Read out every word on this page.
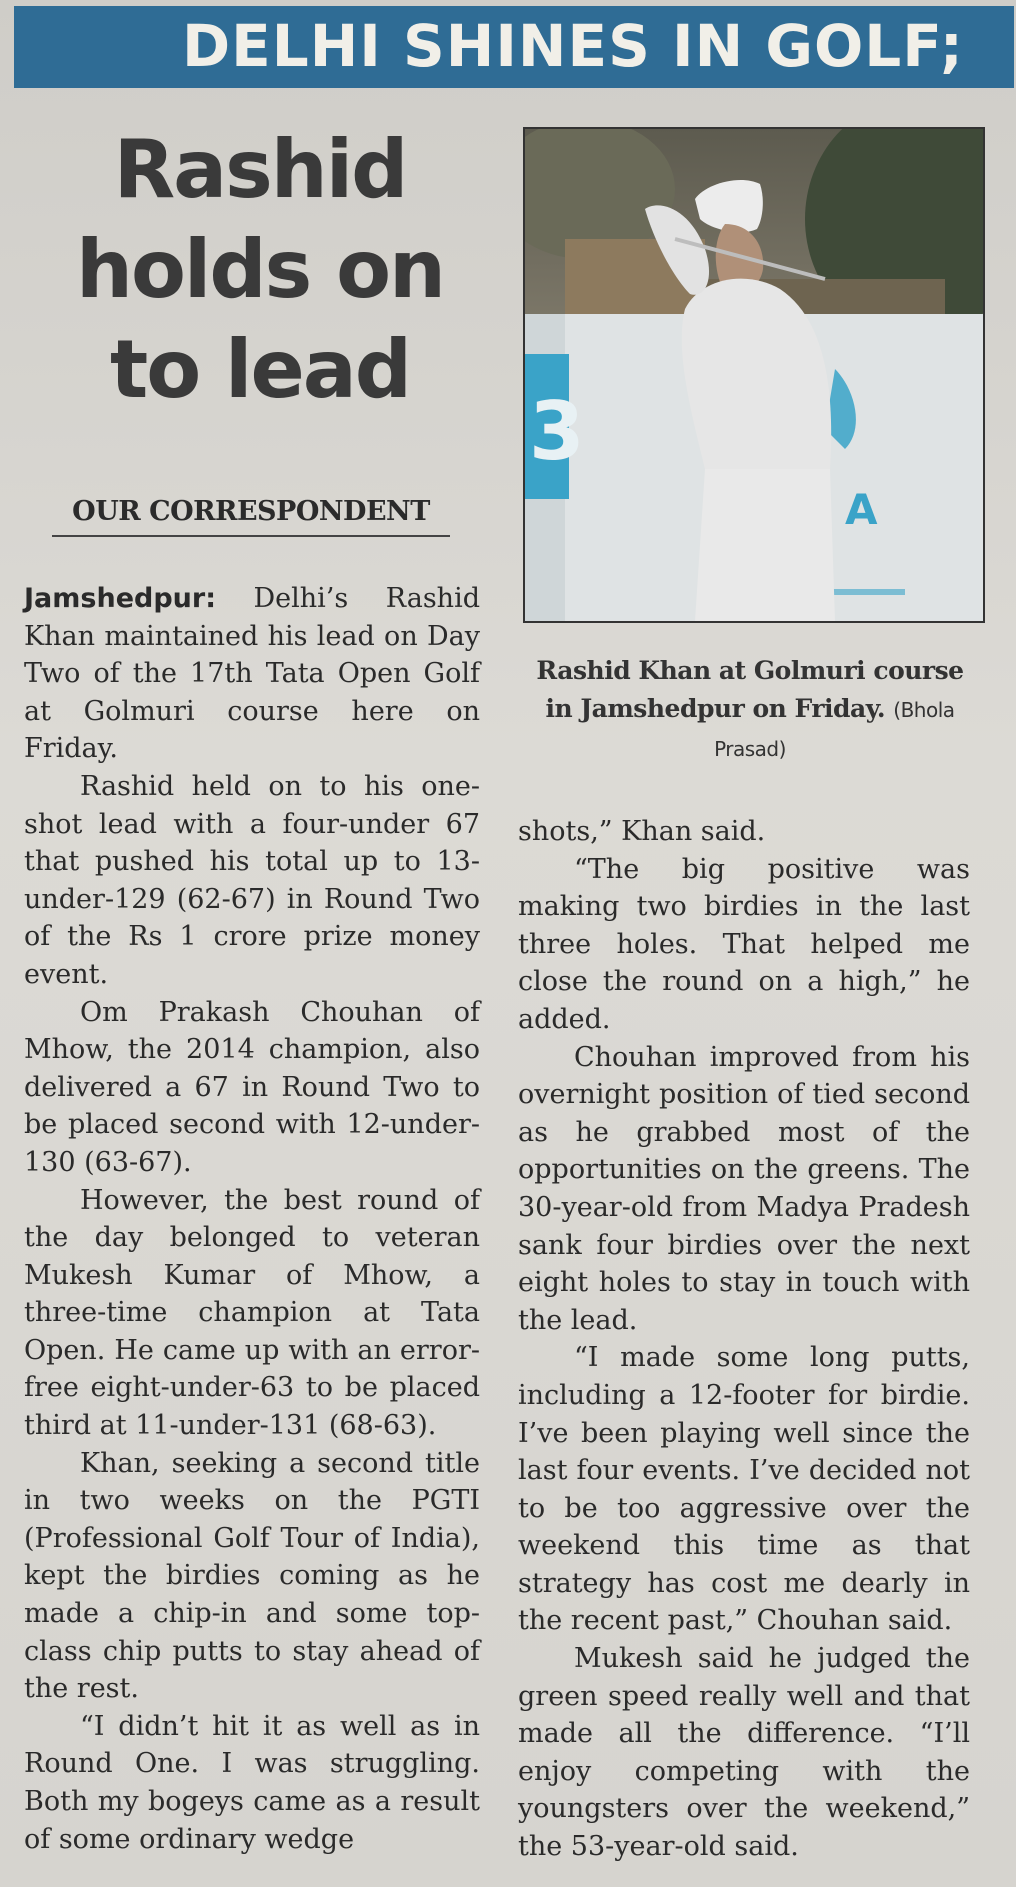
DELHI SHINES IN GOLF;
Rashid
holds on
to lead
OUR CORRESPONDENT
3
A
Rashid Khan at Golmuri course in Jamshedpur on Friday. (Bhola Prasad)

Jamshedpur: Delhi’s Rashid Khan maintained his lead on Day Two of the 17th Tata Open Golf at Golmuri course here on Friday.

Rashid held on to his one-shot lead with a four-under 67 that pushed his total up to 13-under-129 (62-67) in Round Two of the Rs 1 crore prize money event.

Om Prakash Chouhan of Mhow, the 2014 champion, also delivered a 67 in Round Two to be placed second with 12-under-130 (63-67).

However, the best round of the day belonged to veteran Mukesh Kumar of Mhow, a three-time champion at Tata Open. He came up with an error-free eight-under-63 to be placed third at 11-under-131 (68-63).

Khan, seeking a second title in two weeks on the PGTI (Professional Golf Tour of India), kept the birdies coming as he made a chip-in and some top-class chip putts to stay ahead of the rest.

“I didn’t hit it as well as in Round One. I was struggling. Both my bogeys came as a result of some ordinary wedge

shots,” Khan said.

“The big positive was making two birdies in the last three holes. That helped me close the round on a high,” he added.

Chouhan improved from his overnight position of tied second as he grabbed most of the opportunities on the greens. The 30-year-old from Madya Pradesh sank four birdies over the next eight holes to stay in touch with the lead.

“I made some long putts, including a 12-footer for birdie. I’ve been playing well since the last four events. I’ve decided not to be too aggressive over the weekend this time as that strategy has cost me dearly in the recent past,” Chouhan said.

Mukesh said he judged the green speed really well and that made all the difference. “I’ll enjoy competing with the youngsters over the weekend,” the 53-year-old said.
